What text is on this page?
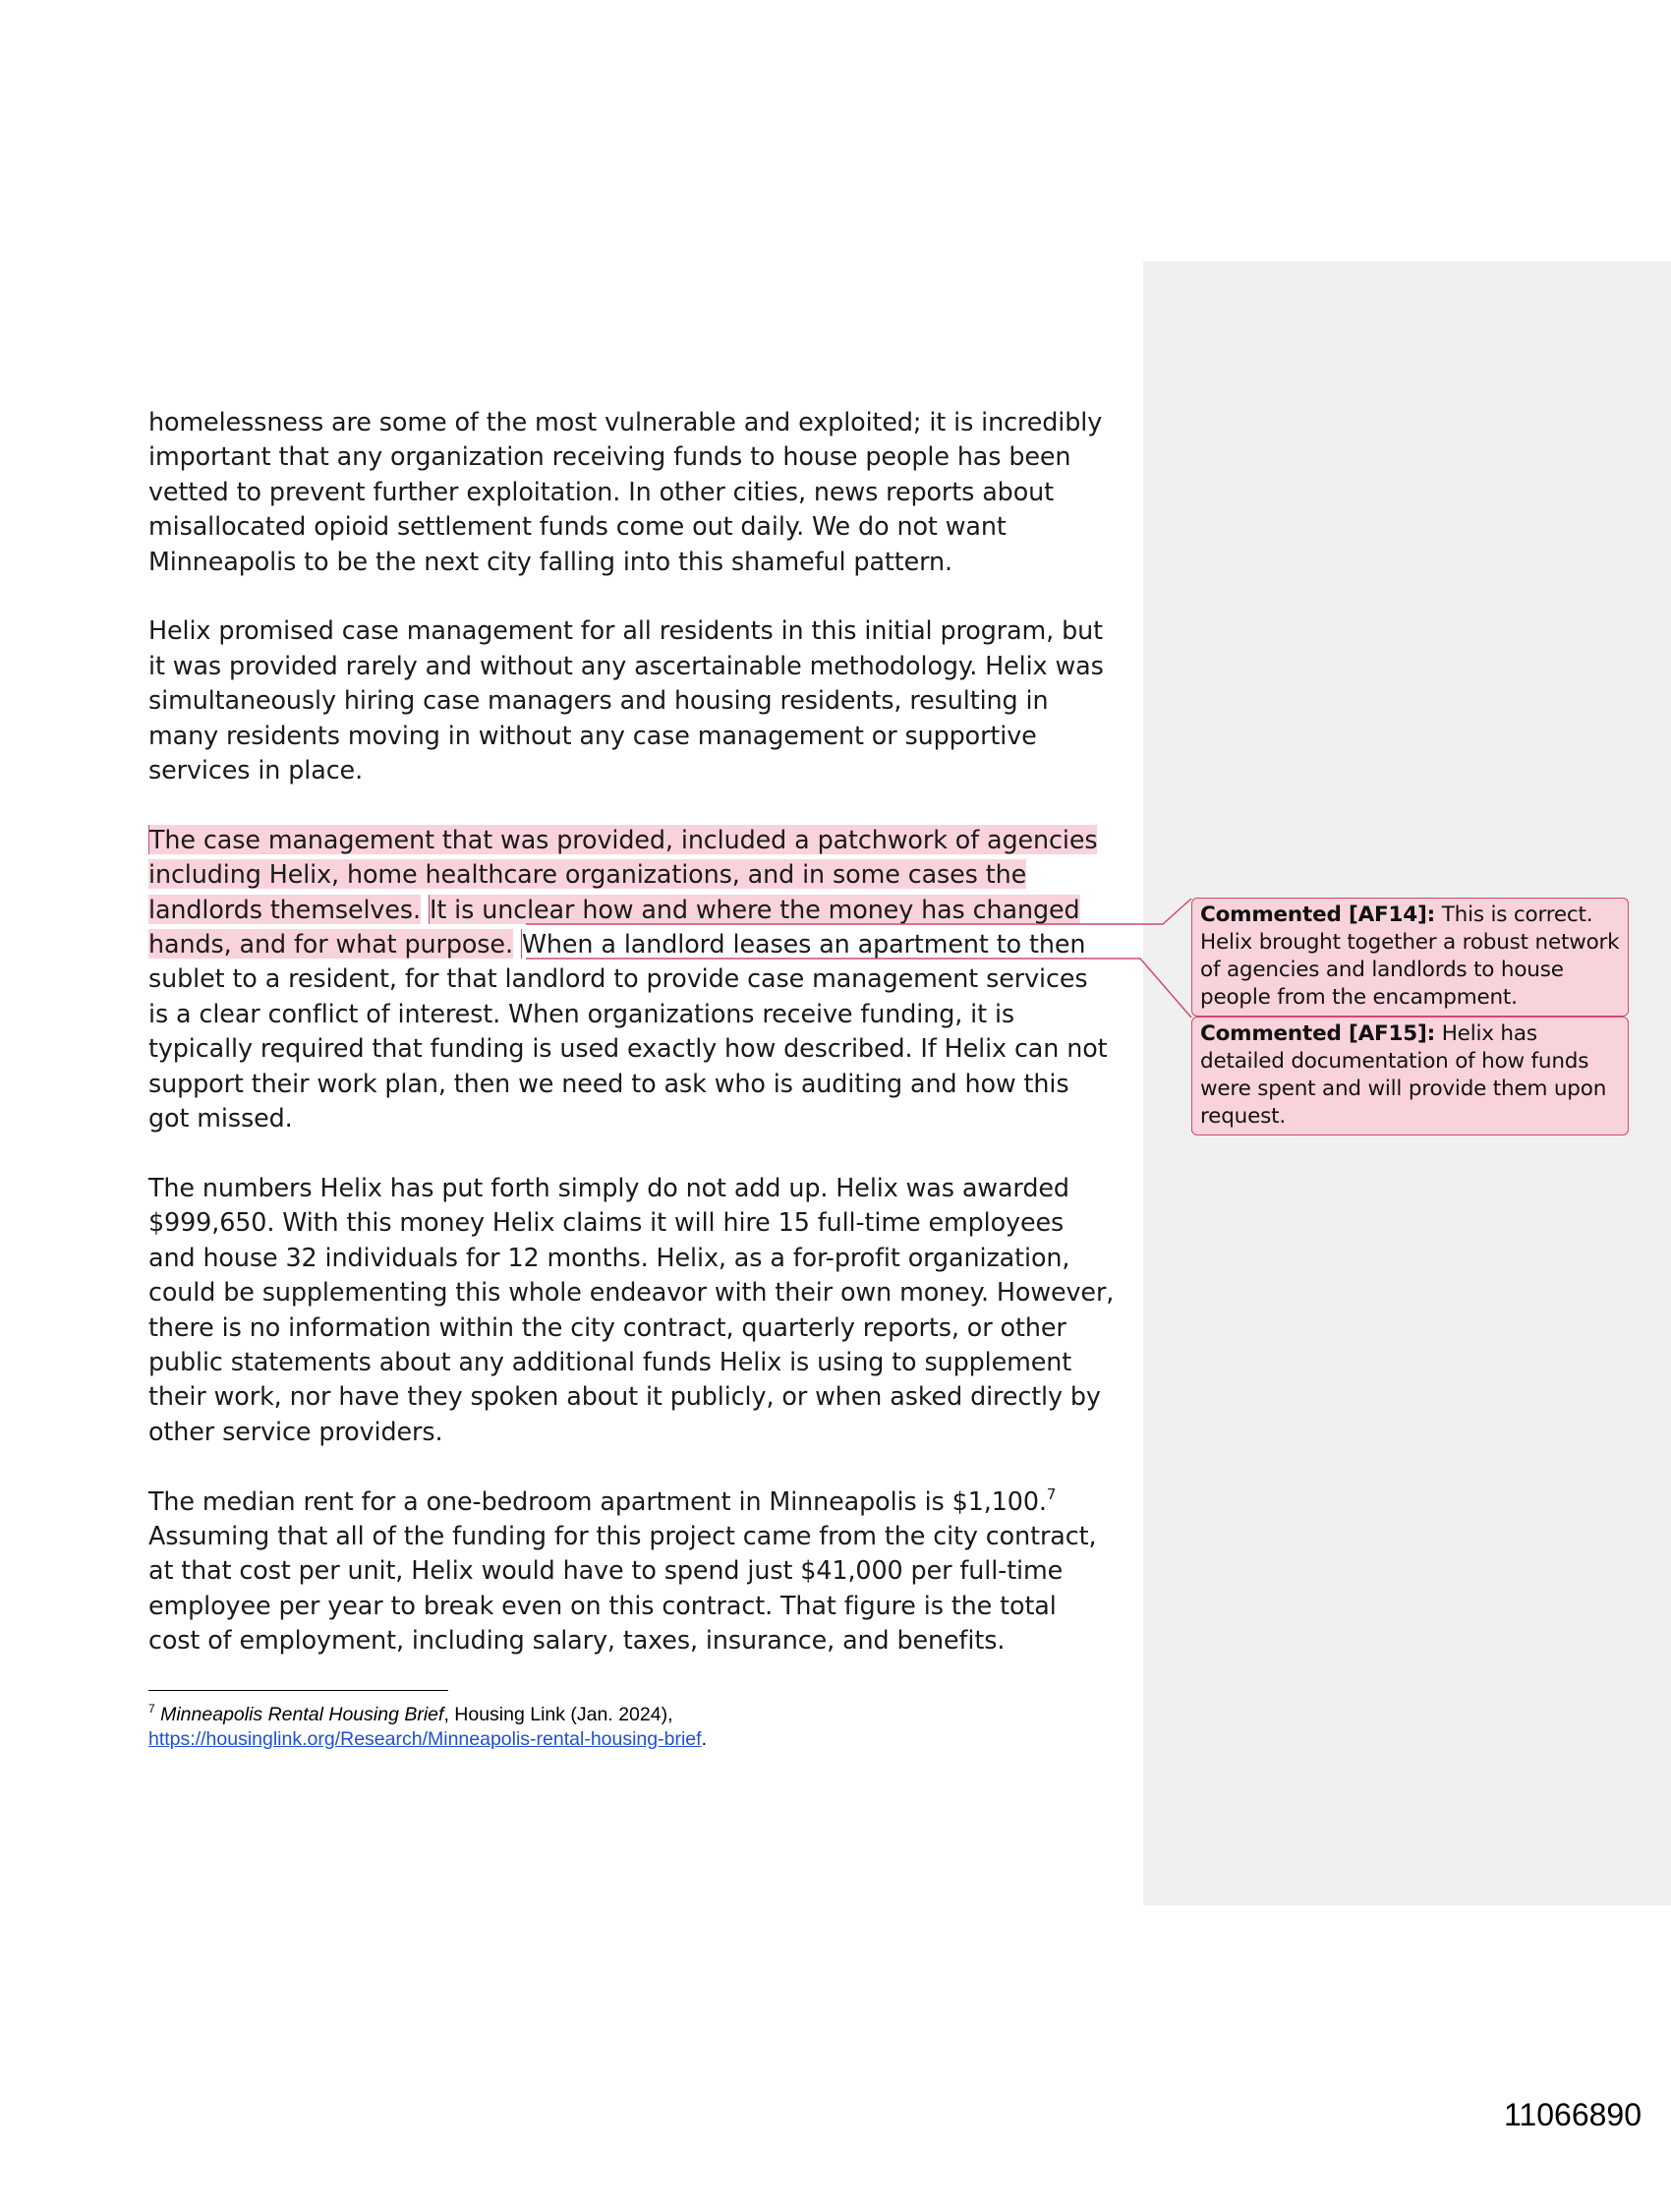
homelessness are some of the most vulnerable and exploited; it is incredibly
important that any organization receiving funds to house people has been
vetted to prevent further exploitation. In other cities, news reports about
misallocated opioid settlement funds come out daily. We do not want
Minneapolis to be the next city falling into this shameful pattern.
Helix promised case management for all residents in this initial program, but
it was provided rarely and without any ascertainable methodology. Helix was
simultaneously hiring case managers and housing residents, resulting in
many residents moving in without any case management or supportive
services in place.
The case management that was provided, included a patchwork of agencies
including Helix, home healthcare organizations, and in some cases the
landlords themselves. It is unclear how and where the money has changed
hands, and for what purpose. When a landlord leases an apartment to then
sublet to a resident, for that landlord to provide case management services
is a clear conflict of interest. When organizations receive funding, it is
typically required that funding is used exactly how described. If Helix can not
support their work plan, then we need to ask who is auditing and how this
got missed.
The numbers Helix has put forth simply do not add up. Helix was awarded
$999,650. With this money Helix claims it will hire 15 full-time employees
and house 32 individuals for 12 months. Helix, as a for-profit organization,
could be supplementing this whole endeavor with their own money. However,
there is no information within the city contract, quarterly reports, or other
public statements about any additional funds Helix is using to supplement
their work, nor have they spoken about it publicly, or when asked directly by
other service providers.
The median rent for a one-bedroom apartment in Minneapolis is $1,100.$^7$
Assuming that all of the funding for this project came from the city contract,
at that cost per unit, Helix would have to spend just $41,000 per full-time
employee per year to break even on this contract. That figure is the total
cost of employment, including salary, taxes, insurance, and benefits.
$^7$ Minneapolis Rental Housing Brief, Housing Link (Jan. 2024),
https://housinglink.org/Research/Minneapolis-rental-housing-brief.
Commented [AF14]: This is correct. Helix brought together a robust network of agencies and landlords to house people from the encampment.
Commented [AF15]: Helix has detailed documentation of how funds were spent and will provide them upon request.
11066890
